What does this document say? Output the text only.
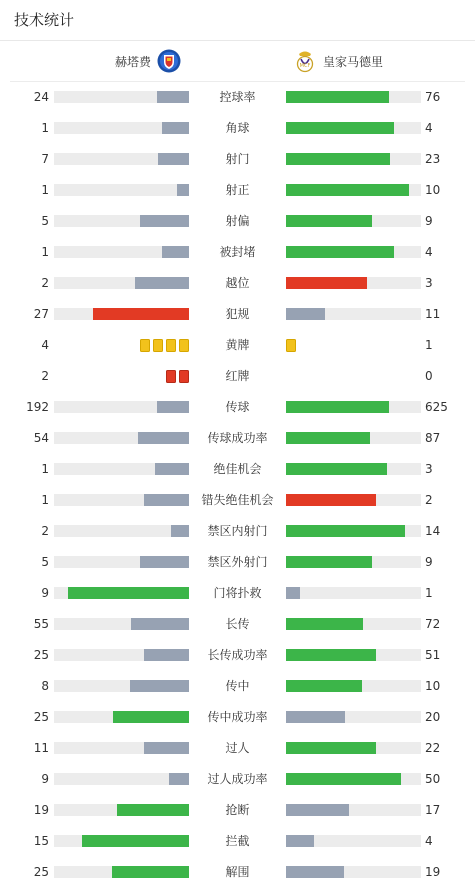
技术统计
赫塔费	MCF 皇家马德里
24	控球率	76
1	角球	4
7	射门	23
1	射正	10
5	射偏	9
1	被封堵	4
2	越位	3
27	犯规	11
4	黄牌	1
2	红牌	0
192	传球	625
54	传球成功率	87
1	绝佳机会	3
1	错失绝佳机会	2
2	禁区内射门	14
5	禁区外射门	9
9	门将扑救	1
55	长传	72
25	长传成功率	51
8	传中	10
25	传中成功率	20
11	过人	22
9	过人成功率	50
19	抢断	17
15	拦截	4
25	解围	19
